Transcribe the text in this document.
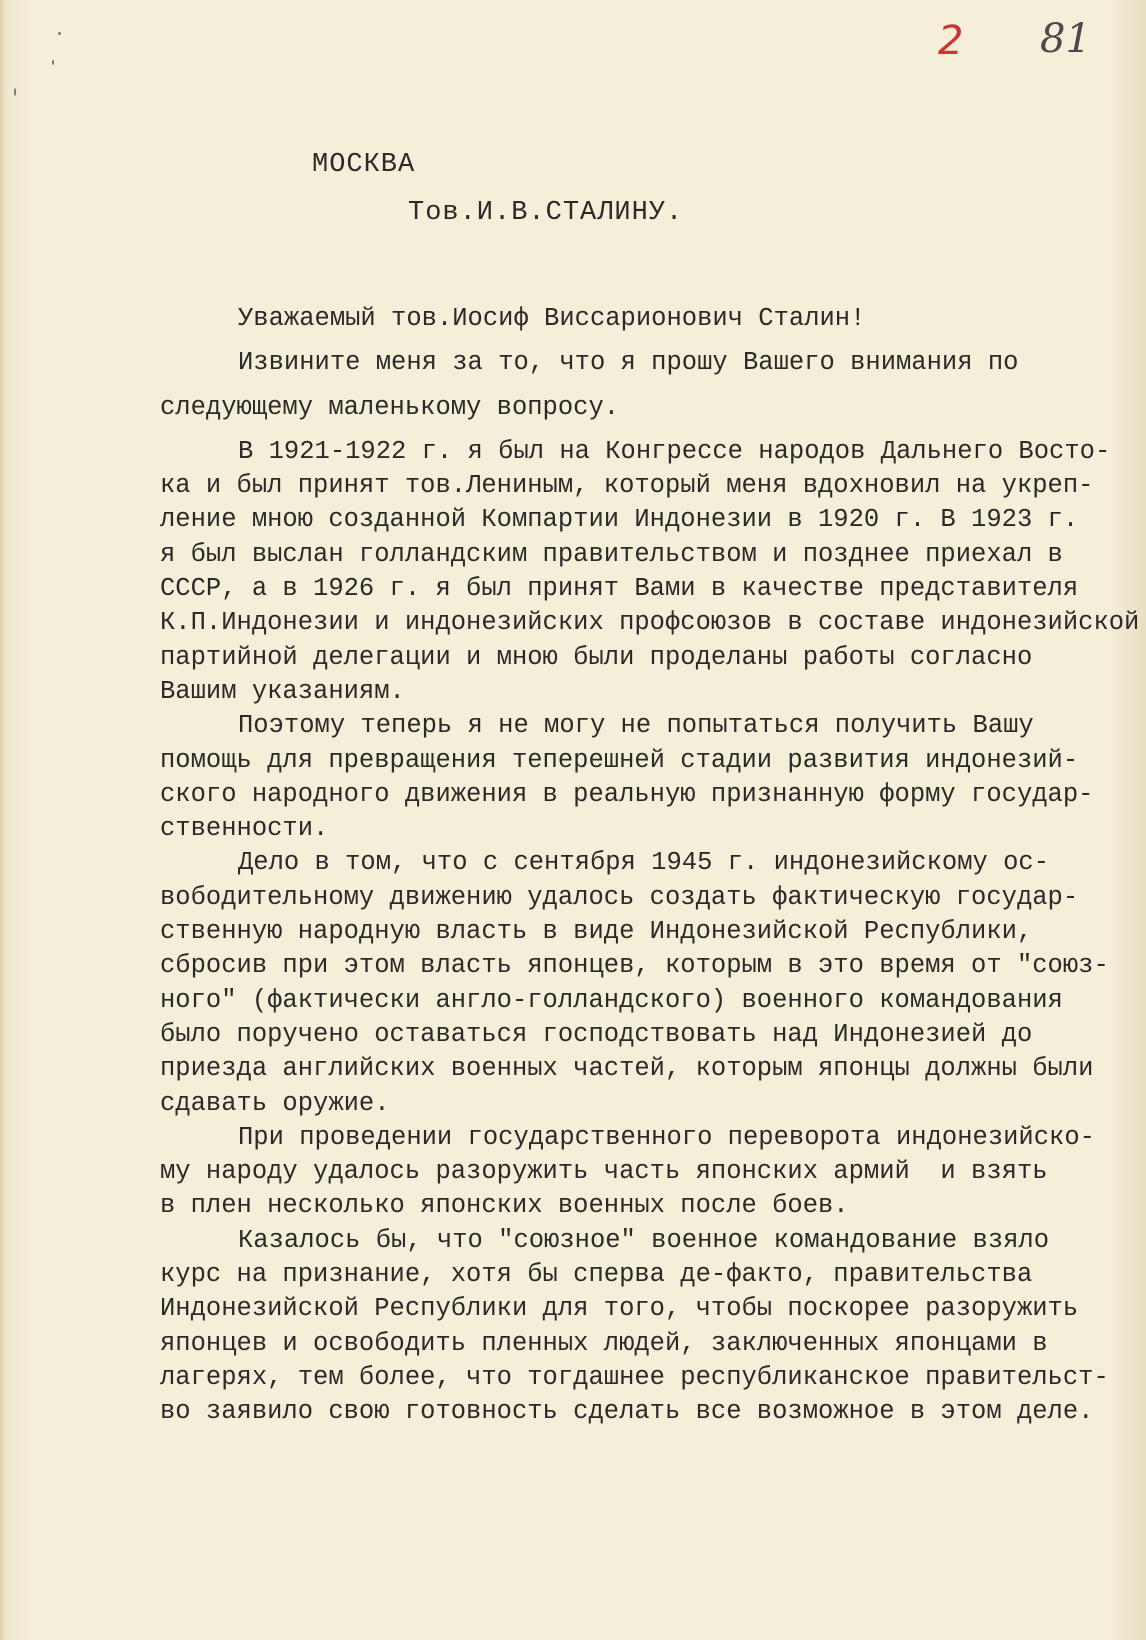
2 81
МОСКВА
Тов.И.В.СТАЛИНУ.
Уважаемый тов.Иосиф Виссарионович Сталин!
Извините меня за то, что я прошу Вашего внимания по
следующему маленькому вопросу.
В 1921-1922 г. я был на Конгрессе народов Дальнего Восто-
ка и был принят тов.Лениным, который меня вдохновил на укреп-
ление мною созданной Компартии Индонезии в 1920 г. В 1923 г.
я был выслан голландским правительством и позднее приехал в
СССР, а в 1926 г. я был принят Вами в качестве представителя
К.П.Индонезии и индонезийских профсоюзов в составе индонезийской
партийной делегации и мною были проделаны работы согласно
Вашим указаниям.
Поэтому теперь я не могу не попытаться получить Вашу
помощь для превращения теперешней стадии развития индонезий-
ского народного движения в реальную признанную форму государ-
ственности.
Дело в том, что с сентября 1945 г. индонезийскому ос-
вободительному движению удалось создать фактическую государ-
ственную народную власть в виде Индонезийской Республики,
сбросив при этом власть японцев, которым в это время от "союз-
ного" (фактически англо-голландского) военного командования
было поручено оставаться господствовать над Индонезией до
приезда английских военных частей, которым японцы должны были
сдавать оружие.
При проведении государственного переворота индонезийско-
му народу удалось разоружить часть японских армий  и взять
в плен несколько японских военных после боев.
Казалось бы, что "союзное" военное командование взяло
курс на признание, хотя бы сперва де-факто, правительства
Индонезийской Республики для того, чтобы поскорее разоружить
японцев и освободить пленных людей, заключенных японцами в
лагерях, тем более, что тогдашнее республиканское правительст-
во заявило свою готовность сделать все возможное в этом деле.
